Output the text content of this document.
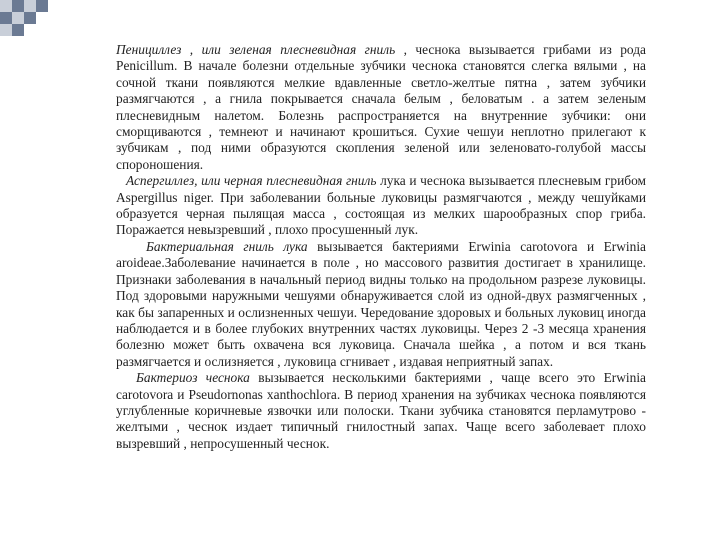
Пенициллез , или зеленая плесневидная гниль , чеснока вызывается грибами из рода Penicillum. В начале болезни отдельные зубчики чеснока становятся слегка вялыми , на сочной ткани появляются мелкие вдавленные светло-желтые пятна , затем зубчики размягчаются , а гнила покрывается сначала белым , беловатым . а затем зеленым плесневидным налетом. Болезнь распространяется на внутренние зубчики: они сморщиваются , темнеют и начинают крошиться. Сухие чешуи неплотно прилегают к зубчикам , под ними образуются скопления зеленой или зеленовато-голубой массы спороношения.

Аспергиллез, или черная плесневидная гниль лука и чеснока вызывается плесневым грибом Aspergillus niger. При заболевании больные луковицы размягчаются , между чешуйками образуется черная пылящая масса , состоящая из мелких шарообразных спор гриба. Поражается невызревший , плохо просушенный лук.

Бактериальная гниль лука вызывается бактериями Erwinia carotovora и Erwinia aroideae.Заболевание начинается в поле , но массового развития достигает в хранилище. Признаки заболевания в начальный период видны только на продольном разрезе луковицы. Под здоровыми наружными чешуями обнаруживается слой из одной-двух размягченных , как бы запаренных и ослизненных чешуи. Чередование здоровых и больных луковиц иногда наблюдается и в более глубоких внутренних частях луковицы. Через 2 -3 месяца хранения болезню может быть охвачена вся луковица. Сначала шейка , а потом и вся ткань размягчается и ослизняется , луковица сгнивает , издавая неприятный запах.

Бактериоз чеснока вызывается несколькими бактериями , чаще всего это Erwinia carotovora и Pseudornonas xanthochlora. В период хранения на зубчиках чеснока появляются углубленные коричневые язвочки или полоски. Ткани зубчика становятся перламутрово - желтыми , чеснок издает типичный гнилостный запах. Чаще всего заболевает плохо вызревший , непросушенный чеснок.
